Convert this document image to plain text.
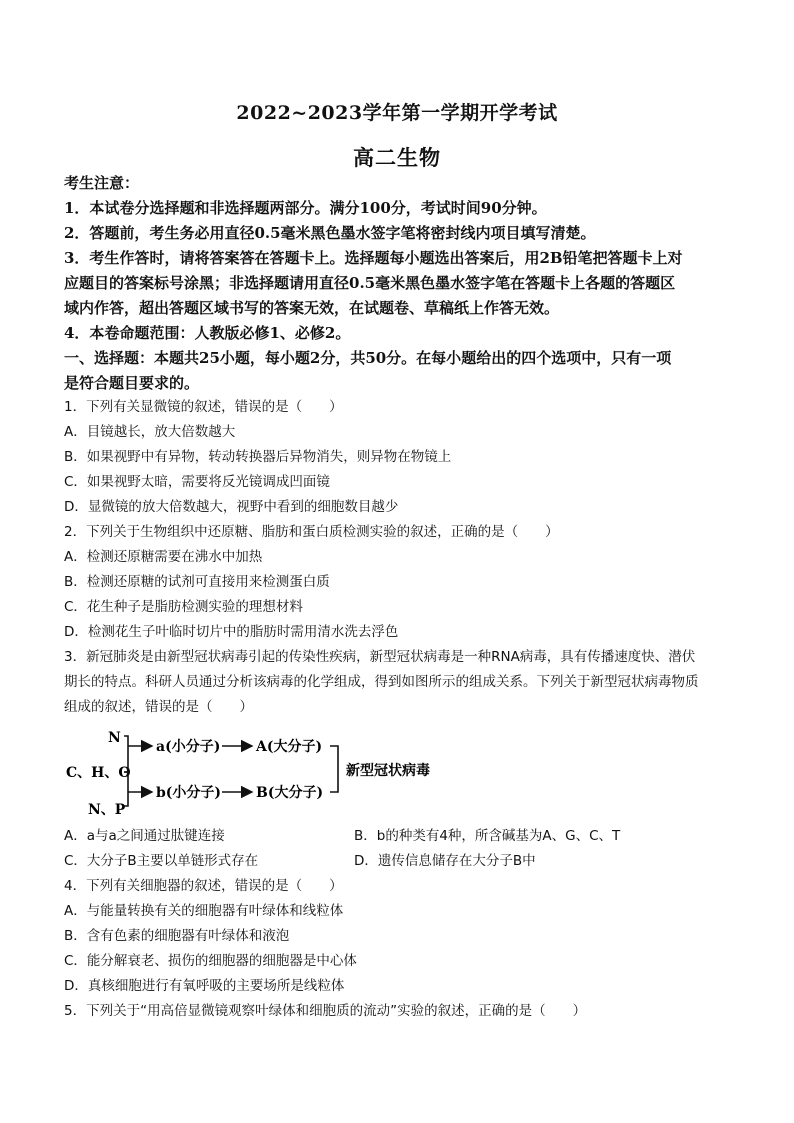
2022~2023学年第一学期开学考试
高二生物
考生注意：
1．本试卷分选择题和非选择题两部分。满分100分，考试时间90分钟。
2．答题前，考生务必用直径0.5毫米黑色墨水签字笔将密封线内项目填写清楚。
3．考生作答时，请将答案答在答题卡上。选择题每小题选出答案后，用2B铅笔把答题卡上对
应题目的答案标号涂黑；非选择题请用直径0.5毫米黑色墨水签字笔在答题卡上各题的答题区
域内作答，超出答题区域书写的答案无效，在试题卷、草稿纸上作答无效。
4．本卷命题范围：人教版必修1、必修2。
一、选择题：本题共25小题，每小题2分，共50分。在每小题给出的四个选项中，只有一项
是符合题目要求的。
1．下列有关显微镜的叙述，错误的是（　　）
A．目镜越长，放大倍数越大
B．如果视野中有异物，转动转换器后异物消失，则异物在物镜上
C．如果视野太暗，需要将反光镜调成凹面镜
D．显微镜的放大倍数越大，视野中看到的细胞数目越少
2．下列关于生物组织中还原糖、脂肪和蛋白质检测实验的叙述，正确的是（　　）
A．检测还原糖需要在沸水中加热
B．检测还原糖的试剂可直接用来检测蛋白质
C．花生种子是脂肪检测实验的理想材料
D．检测花生子叶临时切片中的脂肪时需用清水洗去浮色
3．新冠肺炎是由新型冠状病毒引起的传染性疾病，新型冠状病毒是一种RNA病毒，具有传播速度快、潜伏
期长的特点。科研人员通过分析该病毒的化学组成，得到如图所示的组成关系。下列关于新型冠状病毒物质
组成的叙述，错误的是（　　）
C、H、O
N
N、P
a(小分子)	A(大分子)
b(小分子) B(大分子)
新型冠状病毒
A．a与a之间通过肽键连接	B．b的种类有4种，所含碱基为A、G、C、T
C．大分子B主要以单链形式存在	D．遗传信息储存在大分子B中
4．下列有关细胞器的叙述，错误的是（　　）
A．与能量转换有关的细胞器有叶绿体和线粒体
B．含有色素的细胞器有叶绿体和液泡
C．能分解衰老、损伤的细胞器的细胞器是中心体
D．真核细胞进行有氧呼吸的主要场所是线粒体
5．下列关于“用高倍显微镜观察叶绿体和细胞质的流动”实验的叙述，正确的是（　　）
